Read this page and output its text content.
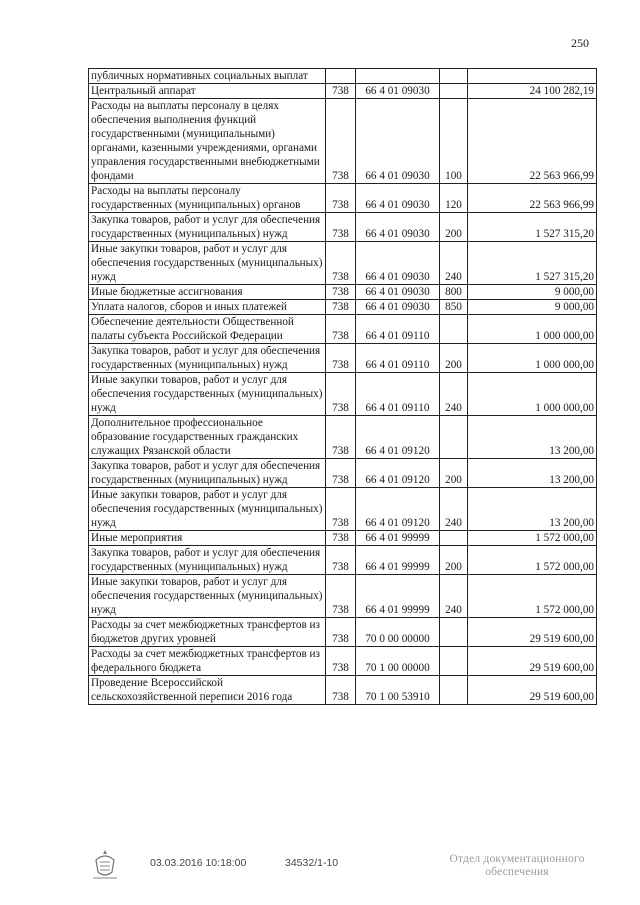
250
публичных нормативных социальных выплат				
Центральный аппарат	738	66 4 01 09030		24 100 282,19
Расходы на выплаты персоналу в целях обеспечения выполнения функций государственными (муниципальными) органами, казенными учреждениями, органами управления государственными внебюджетными фондами	738	66 4 01 09030	100	22 563 966,99
Расходы на выплаты персоналу государственных (муниципальных) органов	738	66 4 01 09030	120	22 563 966,99
Закупка товаров, работ и услуг для обеспечения государственных (муниципальных) нужд	738	66 4 01 09030	200	1 527 315,20
Иные закупки товаров, работ и услуг для обеспечения государственных (муниципальных) нужд	738	66 4 01 09030	240	1 527 315,20
Иные бюджетные ассигнования	738	66 4 01 09030	800	9 000,00
Уплата налогов, сборов и иных платежей	738	66 4 01 09030	850	9 000,00
Обеспечение деятельности Общественной палаты субъекта Российской Федерации	738	66 4 01 09110		1 000 000,00
Закупка товаров, работ и услуг для обеспечения государственных (муниципальных) нужд	738	66 4 01 09110	200	1 000 000,00
Иные закупки товаров, работ и услуг для обеспечения государственных (муниципальных) нужд	738	66 4 01 09110	240	1 000 000,00
Дополнительное профессиональное образование государственных гражданских служащих Рязанской области	738	66 4 01 09120		13 200,00
Закупка товаров, работ и услуг для обеспечения государственных (муниципальных) нужд	738	66 4 01 09120	200	13 200,00
Иные закупки товаров, работ и услуг для обеспечения государственных (муниципальных) нужд	738	66 4 01 09120	240	13 200,00
Иные мероприятия	738	66 4 01 99999		1 572 000,00
Закупка товаров, работ и услуг для обеспечения государственных (муниципальных) нужд	738	66 4 01 99999	200	1 572 000,00
Иные закупки товаров, работ и услуг для обеспечения государственных (муниципальных) нужд	738	66 4 01 99999	240	1 572 000,00
Расходы за счет межбюджетных трансфертов из бюджетов других уровней	738	70 0 00 00000		29 519 600,00
Расходы за счет межбюджетных трансфертов из федерального бюджета	738	70 1 00 00000		29 519 600,00
Проведение Всероссийской сельскохозяйственной переписи 2016 года	738	70 1 00 53910		29 519 600,00
03.03.2016 10:18:00	34532/1-10	Отдел документационного
обеспечения
